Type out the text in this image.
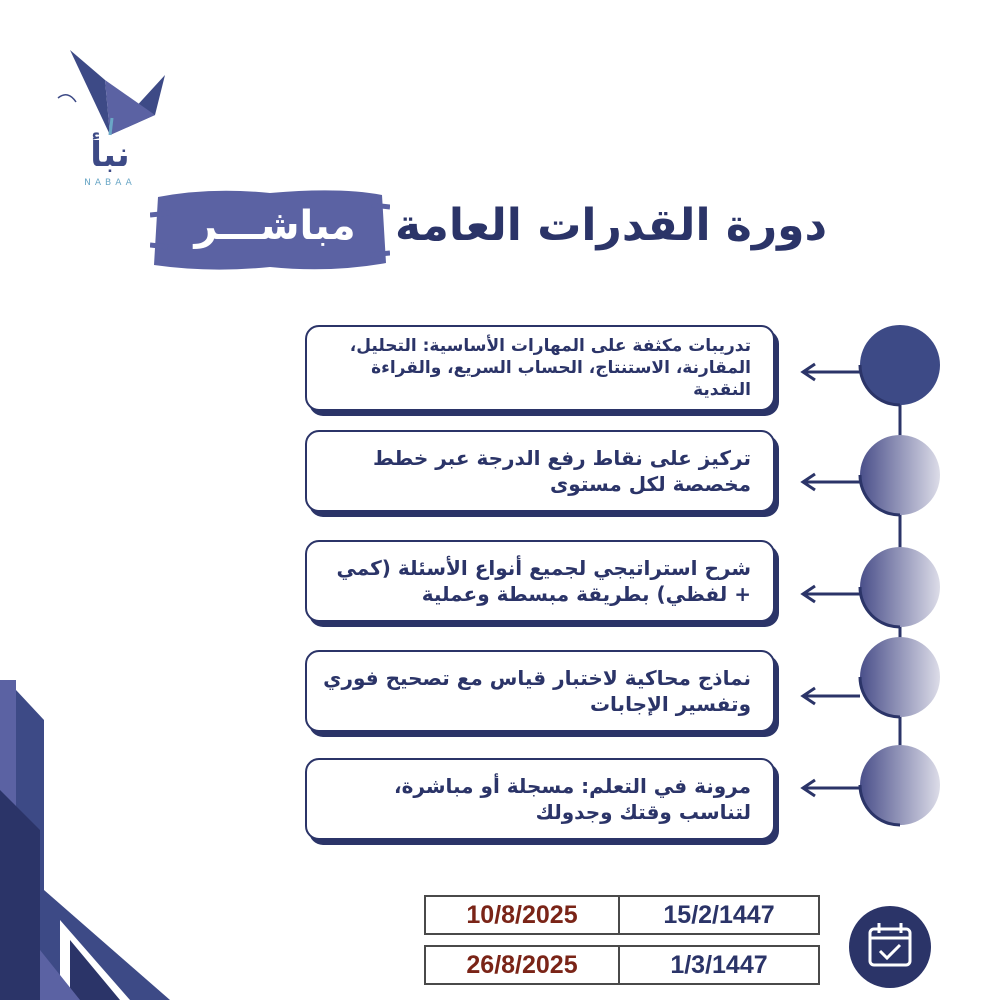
نبأ
NABAA
مباشـــر دورة القدرات العامة
تدريبات مكثفة على المهارات الأساسية: التحليل، المقارنة، الاستنتاج، الحساب السريع، والقراءة النقدية
تركيز على نقاط رفع الدرجة عبر خطط مخصصة لكل مستوى
شرح استراتيجي لجميع أنواع الأسئلة (كمي + لفظي) بطريقة مبسطة وعملية
نماذج محاكية لاختبار قياس مع تصحيح فوري وتفسير الإجابات
مرونة في التعلم: مسجلة أو مباشرة، لتناسب وقتك وجدولك
10/8/2025	15/2/1447
26/8/2025	1/3/1447
